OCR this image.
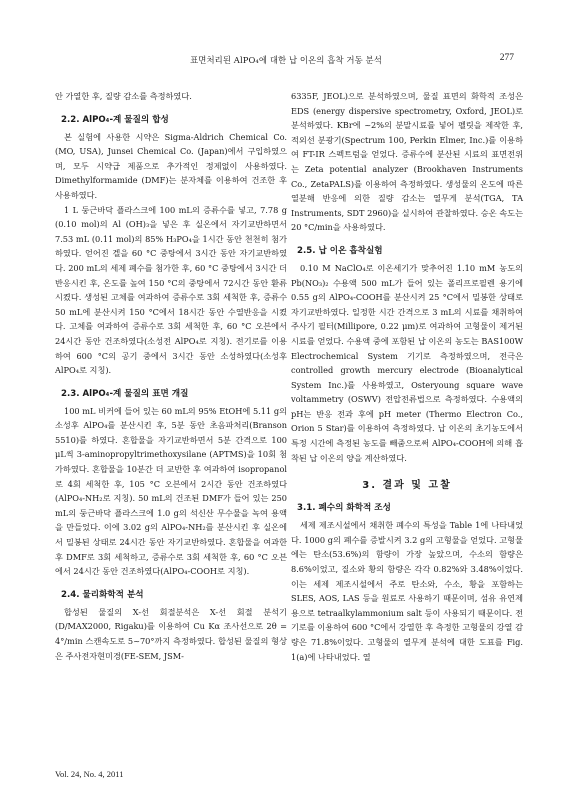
표면처리된 AlPO₄에 대한 납 이온의 흡착 거동 분석	277

안 가열한 후, 질량 감소를 측정하였다.

2.2. AlPO₄-계 물질의 합성

본 실험에 사용한 시약은 Sigma-Aldrich Chemical Co. (MO, USA), Junsei Chemical Co. (Japan)에서 구입하였으며, 모두 시약급 제품으로 추가적인 정제없이 사용하였다. Dimethylformamide (DMF)는 분자체를 이용하여 건조한 후 사용하였다.

1 L 둥근바닥 플라스크에 100 mL의 증류수를 넣고, 7.78 g (0.10 mol)의 Al (OH)₃을 넣은 후 실온에서 자기교반하면서 7.53 mL (0.11 mol)의 85% H₃PO₄을 1시간 동안 천천히 첨가하였다. 얻어진 겔을 60 °C 중탕에서 3시간 동안 자기교반하였다. 200 mL의 세제 폐수를 첨가한 후, 60 °C 중탕에서 3시간 더 반응시킨 후, 온도를 높여 150 °C의 중탕에서 72시간 동안 환류시켰다. 생성된 고체를 여과하여 증류수로 3회 세척한 후, 증류수 50 mL에 분산시켜 150 °C에서 18시간 동안 수열반응을 시켰다. 고체를 여과하여 증류수로 3회 세척한 후, 60 °C 오븐에서 24시간 동안 건조하였다(소성전 AlPO₄로 지칭). 전기로를 이용하여 600 °C의 공기 중에서 3시간 동안 소성하였다(소성후 AlPO₄로 지칭).

2.3. AlPO₄-계 물질의 표면 개질

100 mL 비커에 들어 있는 60 mL의 95% EtOH에 5.11 g의 소성후 AlPO₄를 분산시킨 후, 5분 동안 초음파처리(Branson 5510)를 하였다. 혼합물을 자기교반하면서 5분 간격으로 100 μL씩 3-aminopropyltrimethoxysilane (APTMS)을 10회 첨가하였다. 혼합물을 10분간 더 교반한 후 여과하여 isopropanol로 4회 세척한 후, 105 °C 오븐에서 2시간 동안 건조하였다(AlPO₄-NH₂로 지칭). 50 mL의 건조된 DMF가 들어 있는 250 mL의 둥근바닥 플라스크에 1.0 g의 석신산 무수물을 녹여 용액을 만들었다. 이에 3.02 g의 AlPO₄-NH₂를 분산시킨 후 실온에서 밀봉된 상태로 24시간 동안 자기교반하였다. 혼합물을 여과한 후 DMF로 3회 세척하고, 증류수로 3회 세척한 후, 60 °C 오븐에서 24시간 동안 건조하였다(AlPO₄-COOH로 지칭).

2.4. 물리화학적 분석

합성된 물질의 X-선 회절분석은 X-선 회절 분석기(D/MAX2000, Rigaku)를 이용하여 Cu Kα 조사선으로 2θ = 4°/min 스캔속도로 5~70°까지 측정하였다. 합성된 물질의 형상은 주사전자현미경(FE-SEM, JSM-

6335F, JEOL)으로 분석하였으며, 물질 표면의 화학적 조성은 EDS (energy dispersive spectrometry, Oxford, JEOL)로 분석하였다. KBr에 ~2%의 분말시료를 넣어 펠릿을 제작한 후, 적외선 분광기(Spectrum 100, Perkin Elmer, Inc.)를 이용하여 FT-IR 스펙트럼을 얻었다. 증류수에 분산된 시료의 표면전위는 Zeta potential analyzer (Brookhaven Instruments Co., ZetaPALS)를 이용하여 측정하였다. 생성물의 온도에 따른 열분해 반응에 의한 질량 감소는 열무게 분석(TGA, TA Instruments, SDT 2960)을 실시하여 관찰하였다. 승온 속도는 20 °C/min을 사용하였다.

2.5. 납 이온 흡착실험

0.10 M NaClO₄로 이온세기가 맞추어진 1.10 mM 농도의 Pb(NO₃)₂ 수용액 500 mL가 들어 있는 폴리프로필렌 용기에 0.55 g의 AlPO₄-COOH를 분산시켜 25 °C에서 밀봉한 상태로 자기교반하였다. 일정한 시간 간격으로 3 mL의 시료를 채취하여 주사기 필터(Millipore, 0.22 μm)로 여과하여 고형물이 제거된 시료를 얻었다. 수용액 중에 포함된 납 이온의 농도는 BAS100W Electrochemical System 기기로 측정하였으며, 전극은 controlled growth mercury electrode (Bioanalytical System Inc.)를 사용하였고, Osteryoung square wave voltammetry (OSWV) 전압전류법으로 측정하였다. 수용액의 pH는 반응 전과 후에 pH meter (Thermo Electron Co., Orion 5 Star)를 이용하여 측정하였다. 납 이온의 초기농도에서 특정 시간에 측정된 농도를 빼줌으로써 AlPO₄-COOH에 의해 흡착된 납 이온의 양을 계산하였다.

3. 결과 및 고찰
3.1. 폐수의 화학적 조성

세제 제조시설에서 채취한 폐수의 특성을 Table 1에 나타내었다. 1000 g의 폐수를 증발시켜 3.2 g의 고형물을 얻었다. 고형물에는 탄소(53.6%)의 함량이 가장 높았으며, 수소의 함량은 8.6%이었고, 질소와 황의 함량은 각각 0.82%와 3.48%이었다. 이는 세제 제조시설에서 주로 탄소와, 수소, 황을 포함하는 SLES, AOS, LAS 등을 원료로 사용하기 때문이며, 섬유 유연제용으로 tetraalkylammonium salt 등이 사용되기 때문이다. 전기로를 이용하여 600 °C에서 강열한 후 측정한 고형물의 강열 감량은 71.8%이었다. 고형물의 열무게 분석에 대한 도표를 Fig. 1(a)에 나타내었다. 열

Vol. 24, No. 4, 2011
